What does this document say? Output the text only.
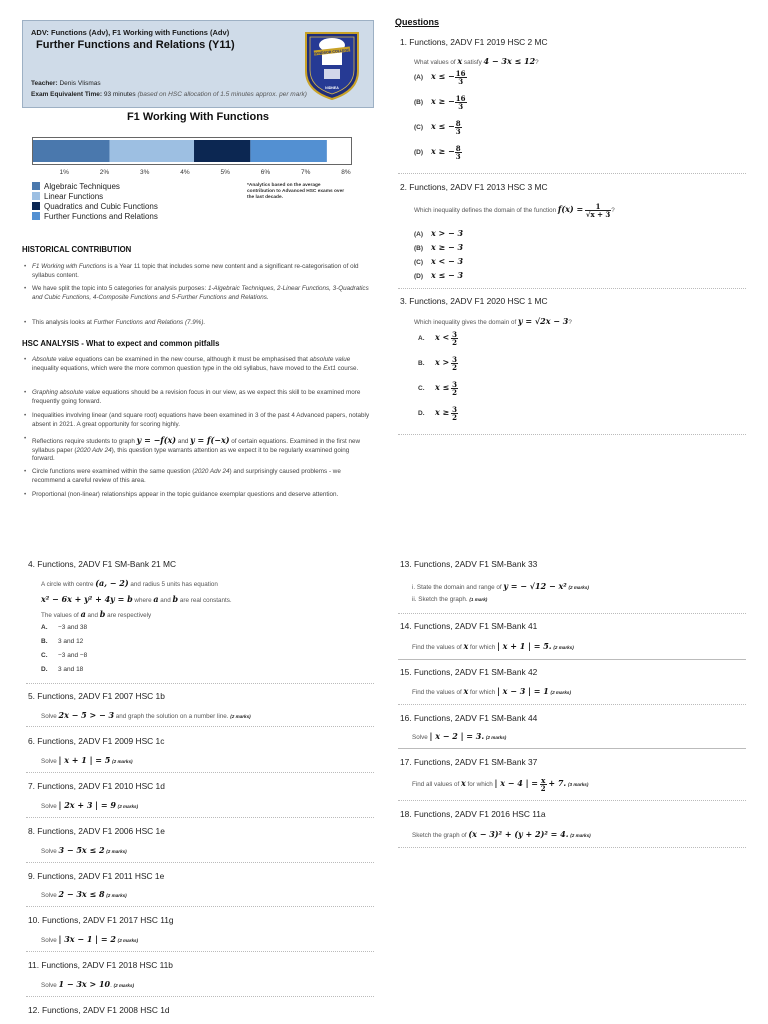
ADV: Functions (Adv), F1 Working with Functions (Adv)
Further Functions and Relations (Y11)
Teacher: Denis Vlismas
Exam Equivalent Time: 93 minutes (based on HSC allocation of 1.5 minutes approx. per mark)
WINDSOR COLLEGE
NIDNEA
F1 Working With Functions
1%	2%	3%	4%	5%	6%	7%	8%
Algebraic Techniques
Linear Functions
Quadratics and Cubic Functions
Further Functions and Relations
*Analytics based on the average contribution to Advanced HSC exams over the last decade.
HISTORICAL CONTRIBUTION
• F1 Working with Functions is a Year 11 topic that includes some new content and a significant re-categorisation of old syllabus content.
• We have split the topic into 5 categories for analysis purposes: 1-Algebraic Techniques, 2-Linear Functions, 3-Quadratics and Cubic Functions, 4-Composite Functions and 5-Further Functions and Relations.
• This analysis looks at Further Functions and Relations (7.9%).
HSC ANALYSIS - What to expect and common pitfalls
• Absolute value equations can be examined in the new course, although it must be emphasised that absolute value inequality equations, which were the more common question type in the old syllabus, have moved to the Ext1 course.
• Graphing absolute value equations should be a revision focus in our view, as we expect this skill to be examined more frequently going forward.
• Inequalities involving linear (and square root) equations have been examined in 3 of the past 4 Advanced papers, notably absent in 2021. A great opportunity for scoring highly.
• Reflections require students to graph y = −f(x) and y = f(−x) of certain equations. Examined in the first new syllabus paper (2020 Adv 24), this question type warrants attention as we expect it to be regularly examined going forward.
• Circle functions were examined within the same question (2020 Adv 24) and surprisingly caused problems - we recommend a careful review of this area.
• Proportional (non-linear) relationships appear in the topic guidance exemplar questions and deserve attention.
Questions
1. Functions, 2ADV F1 2019 HSC 2 MC
What values of x satisfy 4 − 3x ≤ 12?
(A) x ≤ − $\frac{16}{3}$
(B) x ≥ − $\frac{16}{3}$
(C) x ≤ − $\frac{8}{3}$
(D) x ≥ − $\frac{8}{3}$
2. Functions, 2ADV F1 2013 HSC 3 MC
Which inequality defines the domain of the function $f(x) = \frac{1}{√x + 3}$ ?
(A) x > − 3
(B) x ≥ − 3
(C) x < − 3
(D) x ≤ − 3
3. Functions, 2ADV F1 2020 HSC 1 MC
Which inequality gives the domain of y = √2x − 3?
A. $x < \frac{3}{2}$
B. $x > \frac{3}{2}$
C. $x \le \frac{3}{2}$
D. $x \ge \frac{3}{2}$
4. Functions, 2ADV F1 SM-Bank 21 MC
A circle with centre (a, − 2) and radius 5 units has equation
x² − 6x + y² + 4y = b where a and b are real constants.
The values of a and b are respectively
A. −3 and 38
B. 3 and 12
C. −3 and −8
D. 3 and 18
5. Functions, 2ADV F1 2007 HSC 1b
Solve 2x − 5 > − 3 and graph the solution on a number line. (2 marks)
6. Functions, 2ADV F1 2009 HSC 1c
Solve | x + 1 | = 5 (2 marks)
7. Functions, 2ADV F1 2010 HSC 1d
Solve | 2x + 3 | = 9 (2 marks)
8. Functions, 2ADV F1 2006 HSC 1e
Solve 3 − 5x ≤ 2 (2 marks)
9. Functions, 2ADV F1 2011 HSC 1e
Solve 2 − 3x ≤ 8 (2 marks)
10. Functions, 2ADV F1 2017 HSC 11g
Solve | 3x − 1 | = 2 (2 marks)
11. Functions, 2ADV F1 2018 HSC 11b
Solve 1 − 3x > 10. (2 marks)
12. Functions, 2ADV F1 2008 HSC 1d
13. Functions, 2ADV F1 SM-Bank 33
i. State the domain and range of y = − √12 − x² (2 marks)
ii. Sketch the graph. (1 mark)
14. Functions, 2ADV F1 SM-Bank 41
Find the values of x for which | x + 1 | = 5. (2 marks)
15. Functions, 2ADV F1 SM-Bank 42
Find the values of x for which | x − 3 | = 1 (2 marks)
16. Functions, 2ADV F1 SM-Bank 44
Solve | x − 2 | = 3. (2 marks)
17. Functions, 2ADV F1 SM-Bank 37
Find all values of x for which | x − 4 | = $\frac{x}{2} + 7$. (3 marks)
18. Functions, 2ADV F1 2016 HSC 11a
Sketch the graph of (x − 3)² + (y + 2)² = 4. (2 marks)
